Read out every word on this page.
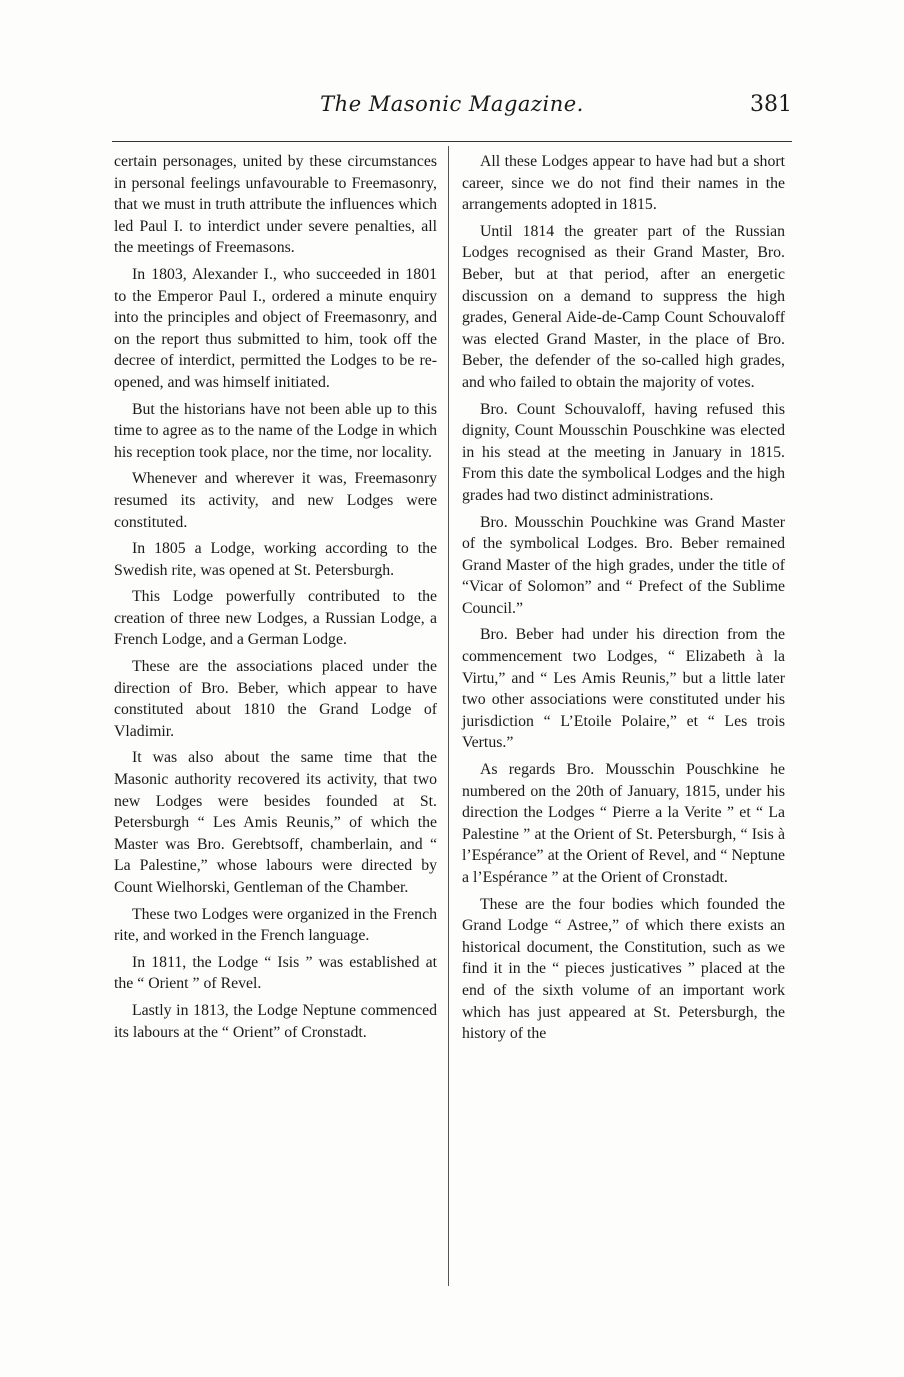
The Masonic Magazine.	381

certain personages, united by these circumstances in personal feelings unfavourable to Freemasonry, that we must in truth attribute the influences which led Paul I. to interdict under severe penalties, all the meetings of Freemasons.

In 1803, Alexander I., who succeeded in 1801 to the Emperor Paul I., ordered a minute enquiry into the principles and object of Freemasonry, and on the report thus submitted to him, took off the decree of interdict, permitted the Lodges to be re-opened, and was himself initiated.

But the historians have not been able up to this time to agree as to the name of the Lodge in which his reception took place, nor the time, nor locality.

Whenever and wherever it was, Freemasonry resumed its activity, and new Lodges were constituted.

In 1805 a Lodge, working according to the Swedish rite, was opened at St. Petersburgh.

This Lodge powerfully contributed to the creation of three new Lodges, a Russian Lodge, a French Lodge, and a German Lodge.

These are the associations placed under the direction of Bro. Beber, which appear to have constituted about 1810 the Grand Lodge of Vladimir.

It was also about the same time that the Masonic authority recovered its activity, that two new Lodges were besides founded at St. Petersburgh “ Les Amis Reunis,” of which the Master was Bro. Gerebtsoff, chamberlain, and “ La Palestine,” whose labours were directed by Count Wielhorski, Gentleman of the Chamber.

These two Lodges were organized in the French rite, and worked in the French language.

In 1811, the Lodge “ Isis ” was established at the “ Orient ” of Revel.

Lastly in 1813, the Lodge Neptune commenced its labours at the “ Orient” of Cronstadt.

All these Lodges appear to have had but a short career, since we do not find their names in the arrangements adopted in 1815.

Until 1814 the greater part of the Russian Lodges recognised as their Grand Master, Bro. Beber, but at that period, after an energetic discussion on a demand to suppress the high grades, General Aide-de-Camp Count Schouvaloff was elected Grand Master, in the place of Bro. Beber, the defender of the so-called high grades, and who failed to obtain the majority of votes.

Bro. Count Schouvaloff, having refused this dignity, Count Mousschin Pouschkine was elected in his stead at the meeting in January in 1815. From this date the symbolical Lodges and the high grades had two distinct administrations.

Bro. Mousschin Pouchkine was Grand Master of the symbolical Lodges. Bro. Beber remained Grand Master of the high grades, under the title of “Vicar of Solomon” and “ Prefect of the Sublime Council.”

Bro. Beber had under his direction from the commencement two Lodges, “ Elizabeth à la Virtu,” and “ Les Amis Reunis,” but a little later two other associations were constituted under his jurisdiction “ L’Etoile Polaire,” et “ Les trois Vertus.”

As regards Bro. Mousschin Pouschkine he numbered on the 20th of January, 1815, under his direction the Lodges “ Pierre a la Verite ” et “ La Palestine ” at the Orient of St. Petersburgh, “ Isis à l’Espérance” at the Orient of Revel, and “ Neptune a l’Espérance ” at the Orient of Cronstadt.

These are the four bodies which founded the Grand Lodge “ Astree,” of which there exists an historical document, the Constitution, such as we find it in the “ pieces justicatives ” placed at the end of the sixth volume of an important work which has just appeared at St. Petersburgh, the history of the
